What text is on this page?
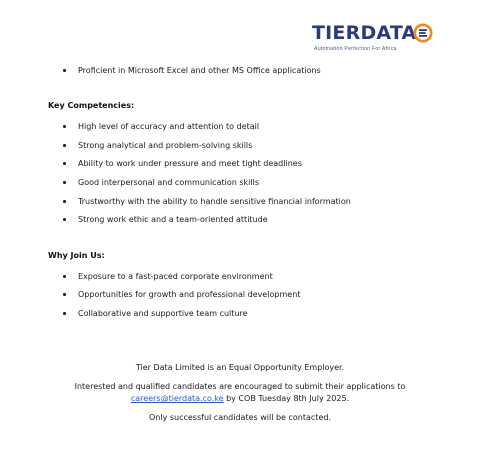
TIERDATA
Automation Perfection For Africa
Proficient in Microsoft Excel and other MS Office applications
Key Competencies:
High level of accuracy and attention to detail
Strong analytical and problem-solving skills
Ability to work under pressure and meet tight deadlines
Good interpersonal and communication skills
Trustworthy with the ability to handle sensitive financial information
Strong work ethic and a team-oriented attitude
Why Join Us:
Exposure to a fast-paced corporate environment
Opportunities for growth and professional development
Collaborative and supportive team culture
Tier Data Limited is an Equal Opportunity Employer.
Interested and qualified candidates are encouraged to submit their applications to
careers@tierdata.co.ke by COB Tuesday 8th July 2025.
Only successful candidates will be contacted.
